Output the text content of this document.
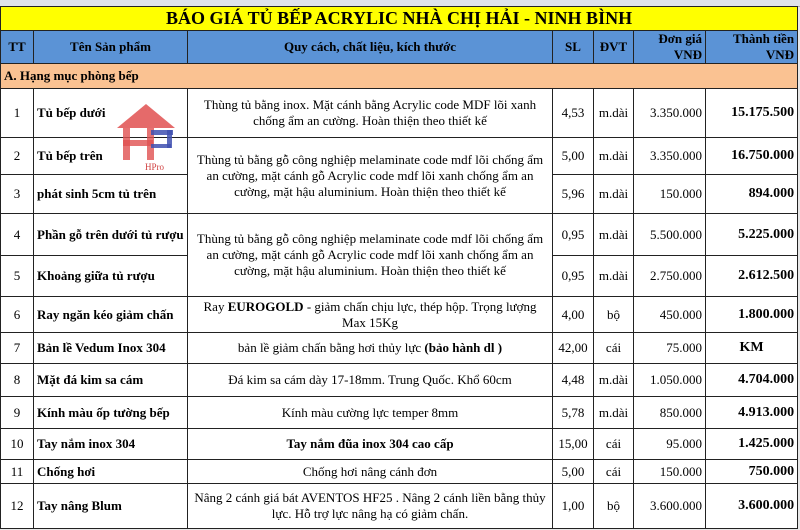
BÁO GIÁ TỦ BẾP ACRYLIC NHÀ CHỊ HẢI - NINH BÌNH						
TT	Tên Sản phẩm	Quy cách, chất liệu, kích thước	SL	ĐVT	Đơn giá VNĐ	Thành tiền VNĐ
A. Hạng mục phòng bếp						
1	Tủ bếp dưới	Thùng tủ bằng inox. Mặt cánh bằng Acrylic code MDF lõi xanh chống ẩm an cường. Hoàn thiện theo thiết kế	4,53	m.dài	3.350.000	15.175.500
2	Tủ bếp trên	Thùng tủ bằng gỗ công nghiệp melaminate code mdf lõi chống ẩm an cường, mặt cánh gỗ Acrylic code mdf lõi xanh chống ẩm an cường, mặt hậu aluminium. Hoàn thiện theo thiết kế	5,00	m.dài	3.350.000	16.750.000
3	phát sinh 5cm tủ trên		5,96	m.dài	150.000	894.000
4	Phần gỗ trên dưới tủ rượu	Thùng tủ bằng gỗ công nghiệp melaminate code mdf lõi chống ẩm an cường, mặt cánh gỗ Acrylic code mdf lõi xanh chống ẩm an cường, mặt hậu aluminium. Hoàn thiện theo thiết kế	0,95	m.dài	5.500.000	5.225.000
5	Khoảng giữa tủ rượu		0,95	m.dài	2.750.000	2.612.500
6	Ray ngăn kéo giảm chấn	Ray EUROGOLD - giảm chấn chịu lực, thép hộp. Trọng lượng Max 15Kg	4,00	bộ	450.000	1.800.000
7	Bản lề Vedum Inox 304	bản lề giảm chấn bằng hơi thủy lực (bảo hành dl )	42,00	cái	75.000	KM
8	Mặt đá kim sa cám	Đá kim sa cám dày 17-18mm. Trung Quốc. Khổ 60cm	4,48	m.dài	1.050.000	4.704.000
9	Kính màu ốp tường bếp	Kính màu cường lực temper 8mm	5,78	m.dài	850.000	4.913.000
10	Tay nắm inox 304	Tay nắm đũa inox 304 cao cấp	15,00	cái	95.000	1.425.000
11	Chống hơi	Chống hơi nâng cánh đơn	5,00	cái	150.000	750.000
12	Tay nâng Blum	Nâng 2 cánh giá bát AVENTOS HF25 . Nâng 2 cánh liền bằng thủy lực. Hỗ trợ lực nâng hạ có giảm chấn.	1,00	bộ	3.600.000	3.600.000
HPro
